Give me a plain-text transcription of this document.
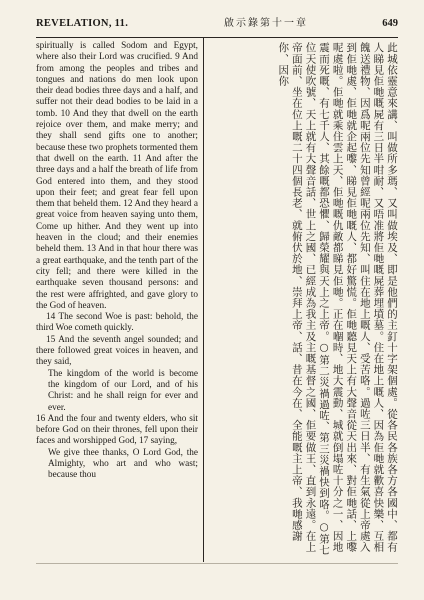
REVELATION, 11.	啟示錄第十一章	649

spiritually is called Sodom and Egypt, where also their Lord was crucified. 9 And from among the peoples and tribes and tongues and nations do men look upon their dead bodies three days and a half, and suffer not their dead bodies to be laid in a tomb. 10 And they that dwell on the earth rejoice over them, and make merry; and they shall send gifts one to another; because these two prophets tormented them that dwell on the earth. 11 And after the three days and a half the breath of life from God entered into them, and they stood upon their feet; and great fear fell upon them that beheld them. 12 And they heard a great voice from heaven saying unto them, Come up hither. And they went up into heaven in the cloud; and their enemies beheld them. 13 And in that hour there was a great earthquake, and the tenth part of the city fell; and there were killed in the earthquake seven thousand persons: and the rest were affrighted, and gave glory to the God of heaven.

14 The second Woe is past: behold, the third Woe cometh quickly.

15 And the seventh angel sounded; and there followed great voices in heaven, and they said,

The kingdom of the world is become the kingdom of our Lord, and of his Christ: and he shall reign for ever and ever.

16 And the four and twenty elders, who sit before God on their thrones, fell upon their faces and worshipped God, 17 saying,

We give thee thanks, O Lord God, the Almighty, who art and who wast; because thou	此城依靈意來講、叫做所多瑪、又叫做埃及、即是他們的主釘十字架個處。從各民各族各方各國中、都有人睇見佢哋嘅屍有三日半咁耐、又唔准將佢哋嘅屍葬埋墳墓。住在地上嘅人、因為佢哋就歡喜快樂、互相餽送禮物、因爲呢兩位先知曾經呢兩位先知、叫住在地上嘅人、受苦咯。過咗三日半、有生氣從上帝處入到佢哋處、佢哋就企起嚟、睇見佢哋嘅人、都好驚慌。佢哋聽見天上有大聲音從天出來、對佢哋話、上嚟呢處啦。佢哋就乘住雲上天、佢哋嘅仇敵都睇見佢哋。正在嗰時、地大震動、城就倒塌咗十分之一、因地震而死嘅、有七千人、其餘嘅都恐懼、歸榮耀與天上之上帝。○第二災禍過咗、第三災禍快到咯。○第七位天使吹號、天上就有大聲音話、世上之國、已經成為我主及主嘅基督之國、佢要做王、直到永遠。在上帝面前、坐在位上嘅二十四個長老、就俯伏於地、崇拜上帝、話、昔在今在、全能嘅主上帝、我哋感謝你、因你
